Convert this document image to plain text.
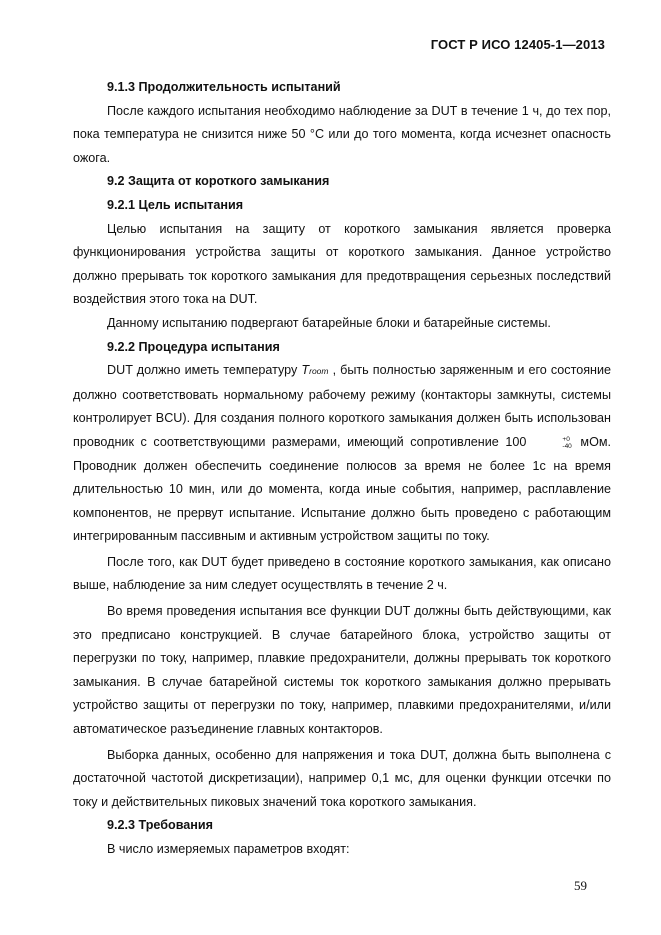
ГОСТ Р ИСО 12405-1—2013
9.1.3 Продолжительность испытаний

После каждого испытания необходимо наблюдение за DUT в течение 1 ч, до тех пор, пока температура не снизится ниже 50 °С или до того момента, когда исчезнет опасность ожога.

9.2 Защита от короткого замыкания
9.2.1 Цель испытания

Целью испытания на защиту от короткого замыкания является проверка функционирования устройства защиты от короткого замыкания. Данное устройство должно прерывать ток короткого замыкания для предотвращения серьезных последствий воздействия этого тока на DUT.

Данному испытанию подвергают батарейные блоки и батарейные системы.

9.2.2 Процедура испытания

DUT должно иметь температуру Troom , быть полностью заряженным и его состояние должно соответствовать нормальному рабочему режиму (контакторы замкнуты, системы контролирует BCU). Для создания полного короткого замыкания должен быть использован проводник с соответствующими размерами, имеющий сопротивление 100	+0
-40 мОм. Проводник должен обеспечить соединение полюсов за время не более 1с на время длительностью 10 мин, или до момента, когда иные события, например, расплавление компонентов, не прервут испытание. Испытание должно быть проведено с работающим интегрированным пассивным и активным устройством защиты по току.

После того, как DUT будет приведено в состояние короткого замыкания, как описано выше, наблюдение за ним следует осуществлять в течение 2 ч.

Во время проведения испытания все функции DUT должны быть действующими, как это предписано конструкцией. В случае батарейного блока, устройство защиты от перегрузки по току, например, плавкие предохранители, должны прерывать ток короткого замыкания. В случае батарейной системы ток короткого замыкания должно прерывать устройство защиты от перегрузки по току, например, плавкими предохранителями, и/или автоматическое разъединение главных контакторов.

Выборка данных, особенно для напряжения и тока DUT, должна быть выполнена с достаточной частотой дискретизации), например 0,1 мс, для оценки функции отсечки по току и действительных пиковых значений тока короткого замыкания.

9.2.3 Требования

В число измеряемых параметров входят:

59
